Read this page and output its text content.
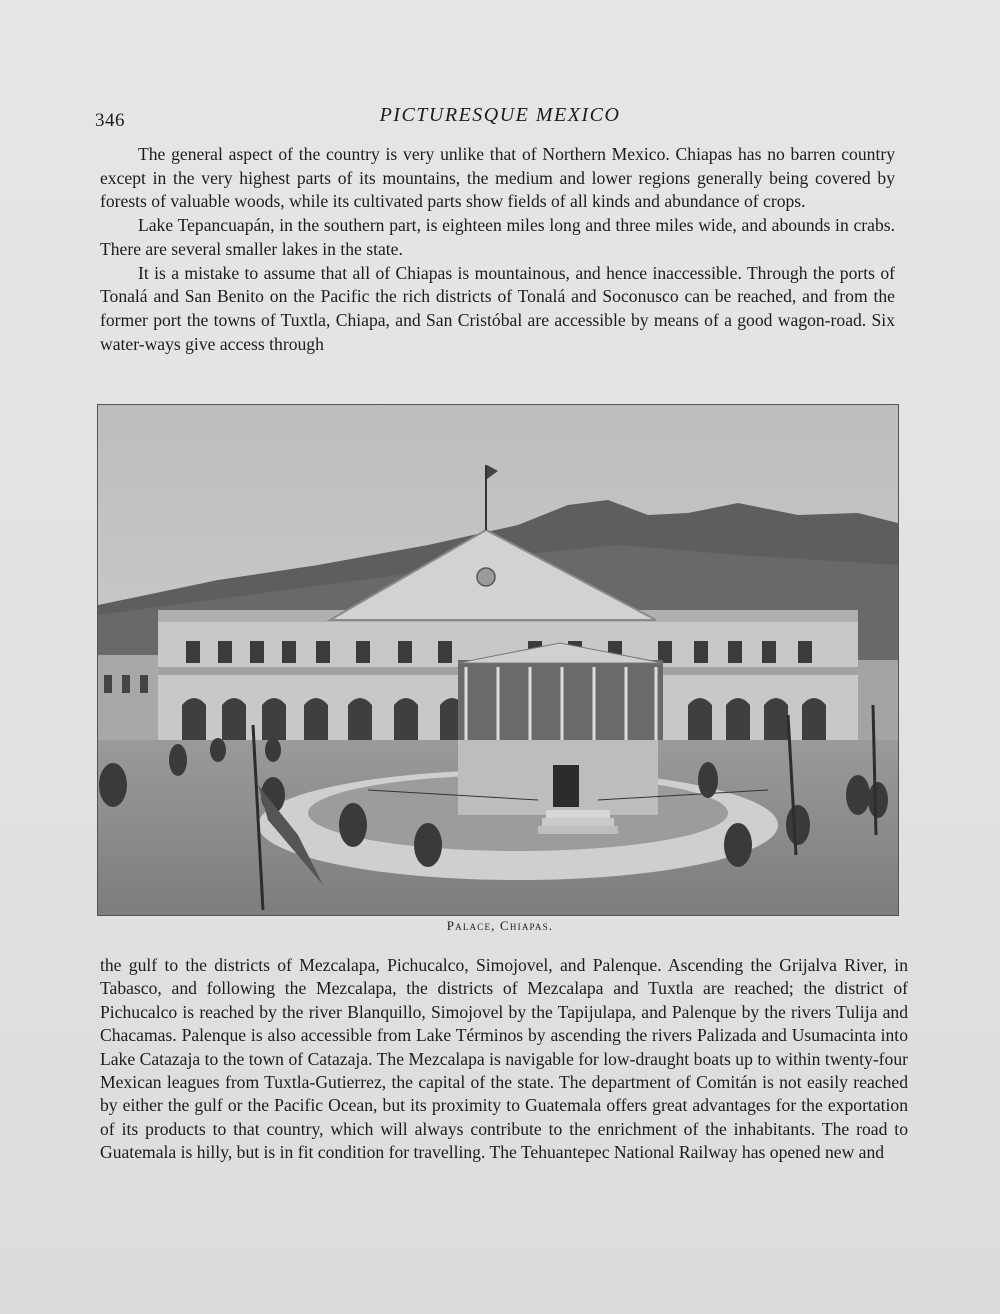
346	PICTURESQUE MEXICO

The general aspect of the country is very unlike that of Northern Mexico. Chiapas has no barren country except in the very highest parts of its mountains, the medium and lower regions generally being covered by forests of valuable woods, while its cultivated parts show fields of all kinds and abundance of crops.

Lake Tepancuapán, in the southern part, is eighteen miles long and three miles wide, and abounds in crabs. There are several smaller lakes in the state.

It is a mistake to assume that all of Chiapas is mountainous, and hence inaccessible. Through the ports of Tonalá and San Benito on the Pacific the rich districts of Tonalá and Soconusco can be reached, and from the former port the towns of Tuxtla, Chiapa, and San Cristóbal are accessible by means of a good wagon-road. Six water-ways give access through

Palace, Chiapas.

the gulf to the districts of Mezcalapa, Pichucalco, Simojovel, and Palenque. Ascending the Grijalva River, in Tabasco, and following the Mezcalapa, the districts of Mezcalapa and Tuxtla are reached; the district of Pichucalco is reached by the river Blanquillo, Simojovel by the Tapijulapa, and Palenque by the rivers Tulija and Chacamas. Palenque is also accessible from Lake Términos by ascending the rivers Palizada and Usumacinta into Lake Catazaja to the town of Catazaja. The Mezcalapa is navigable for low-draught boats up to within twenty-four Mexican leagues from Tuxtla-Gutierrez, the capital of the state. The department of Comitán is not easily reached by either the gulf or the Pacific Ocean, but its proximity to Guatemala offers great advantages for the exportation of its products to that country, which will always contribute to the enrichment of the inhabitants. The road to Guatemala is hilly, but is in fit condition for travelling. The Tehuantepec National Railway has opened new and
